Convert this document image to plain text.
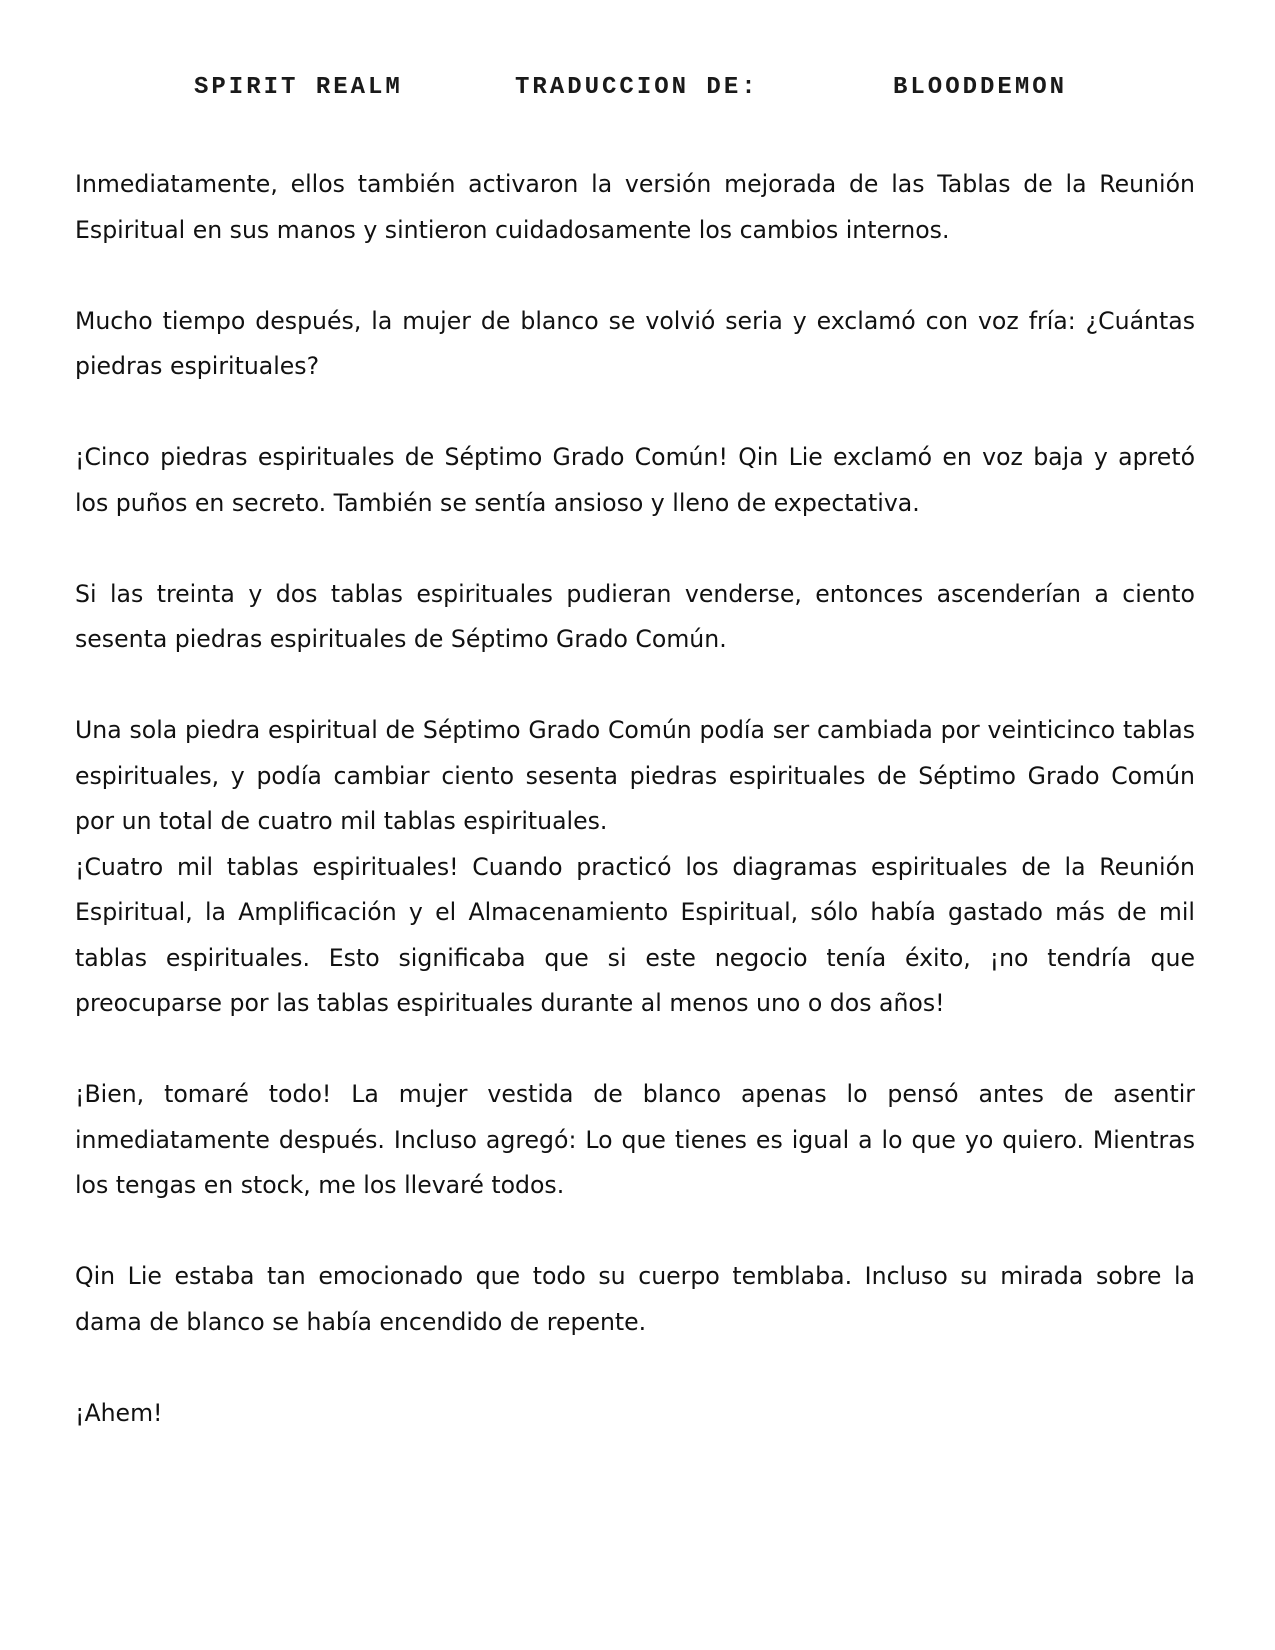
SPIRIT REALM	TRADUCCION DE:	BLOODDEMON

Inmediatamente, ellos también activaron la versión mejorada de las Tablas de la Reunión Espiritual en sus manos y sintieron cuidadosamente los cambios internos.

Mucho tiempo después, la mujer de blanco se volvió seria y exclamó con voz fría: ¿Cuántas piedras espirituales?

¡Cinco piedras espirituales de Séptimo Grado Común! Qin Lie exclamó en voz baja y apretó los puños en secreto. También se sentía ansioso y lleno de expectativa.

Si las treinta y dos tablas espirituales pudieran venderse, entonces ascenderían a ciento sesenta piedras espirituales de Séptimo Grado Común.

Una sola piedra espiritual de Séptimo Grado Común podía ser cambiada por veinticinco tablas espirituales, y podía cambiar ciento sesenta piedras espirituales de Séptimo Grado Común por un total de cuatro mil tablas espirituales.

¡Cuatro mil tablas espirituales! Cuando practicó los diagramas espirituales de la Reunión Espiritual, la Amplificación y el Almacenamiento Espiritual, sólo había gastado más de mil tablas espirituales. Esto significaba que si este negocio tenía éxito, ¡no tendría que preocuparse por las tablas espirituales durante al menos uno o dos años!

¡Bien, tomaré todo! La mujer vestida de blanco apenas lo pensó antes de asentir inmediatamente después. Incluso agregó: Lo que tienes es igual a lo que yo quiero. Mientras los tengas en stock, me los llevaré todos.

Qin Lie estaba tan emocionado que todo su cuerpo temblaba. Incluso su mirada sobre la dama de blanco se había encendido de repente.

¡Ahem!
